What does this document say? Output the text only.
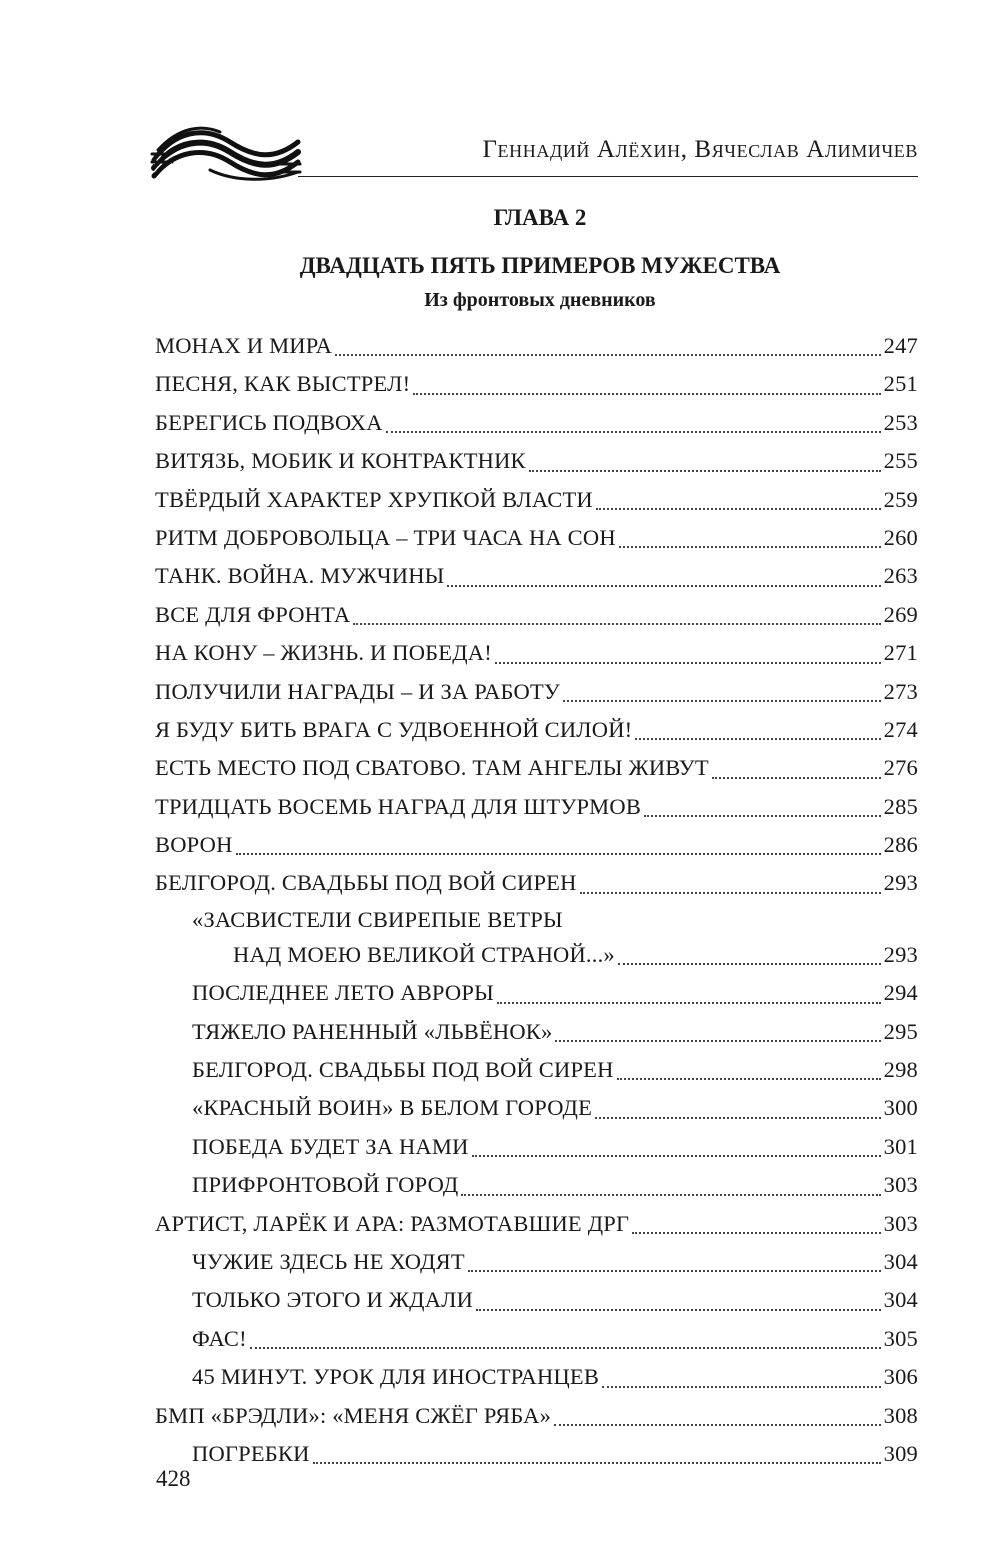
Геннадий Алёхин, Вячеслав Алимичев
ГЛАВА 2
ДВАДЦАТЬ ПЯТЬ ПРИМЕРОВ МУЖЕСТВА
Из фронтовых дневников
МОНАХ И МИРА	247
ПЕСНЯ, КАК ВЫСТРЕЛ!	251
БЕРЕГИСЬ ПОДВОХА	253
ВИТЯЗЬ, МОБИК И КОНТРАКТНИК	255
ТВЁРДЫЙ ХАРАКТЕР ХРУПКОЙ ВЛАСТИ	259
РИТМ ДОБРОВОЛЬЦА – ТРИ ЧАСА НА СОН	260
ТАНК. ВОЙНА. МУЖЧИНЫ	263
ВСЕ ДЛЯ ФРОНТА	269
НА КОНУ – ЖИЗНЬ. И ПОБЕДА!	271
ПОЛУЧИЛИ НАГРАДЫ – И ЗА РАБОТУ	273
Я БУДУ БИТЬ ВРАГА С УДВОЕННОЙ СИЛОЙ!	274
ЕСТЬ МЕСТО ПОД СВАТОВО. ТАМ АНГЕЛЫ ЖИВУТ	276
ТРИДЦАТЬ ВОСЕМЬ НАГРАД ДЛЯ ШТУРМОВ	285
ВОРОН	286
БЕЛГОРОД. СВАДЬБЫ ПОД ВОЙ СИРЕН	293
«ЗАСВИСТЕЛИ СВИРЕПЫЕ ВЕТРЫ
НАД МОЕЮ ВЕЛИКОЙ СТРАНОЙ...»	293
ПОСЛЕДНЕЕ ЛЕТО АВРОРЫ	294
ТЯЖЕЛО РАНЕННЫЙ «ЛЬВЁНОК»	295
БЕЛГОРОД. СВАДЬБЫ ПОД ВОЙ СИРЕН	298
«КРАСНЫЙ ВОИН» В БЕЛОМ ГОРОДЕ	300
ПОБЕДА БУДЕТ ЗА НАМИ	301
ПРИФРОНТОВОЙ ГОРОД	303
АРТИСТ, ЛАРЁК И АРА: РАЗМОТАВШИЕ ДРГ	303
ЧУЖИЕ ЗДЕСЬ НЕ ХОДЯТ	304
ТОЛЬКО ЭТОГО И ЖДАЛИ	304
ФАС!	305
45 МИНУТ. УРОК ДЛЯ ИНОСТРАНЦЕВ	306
БМП «БРЭДЛИ»: «МЕНЯ СЖЁГ РЯБА»	308
ПОГРЕБКИ	309
428
